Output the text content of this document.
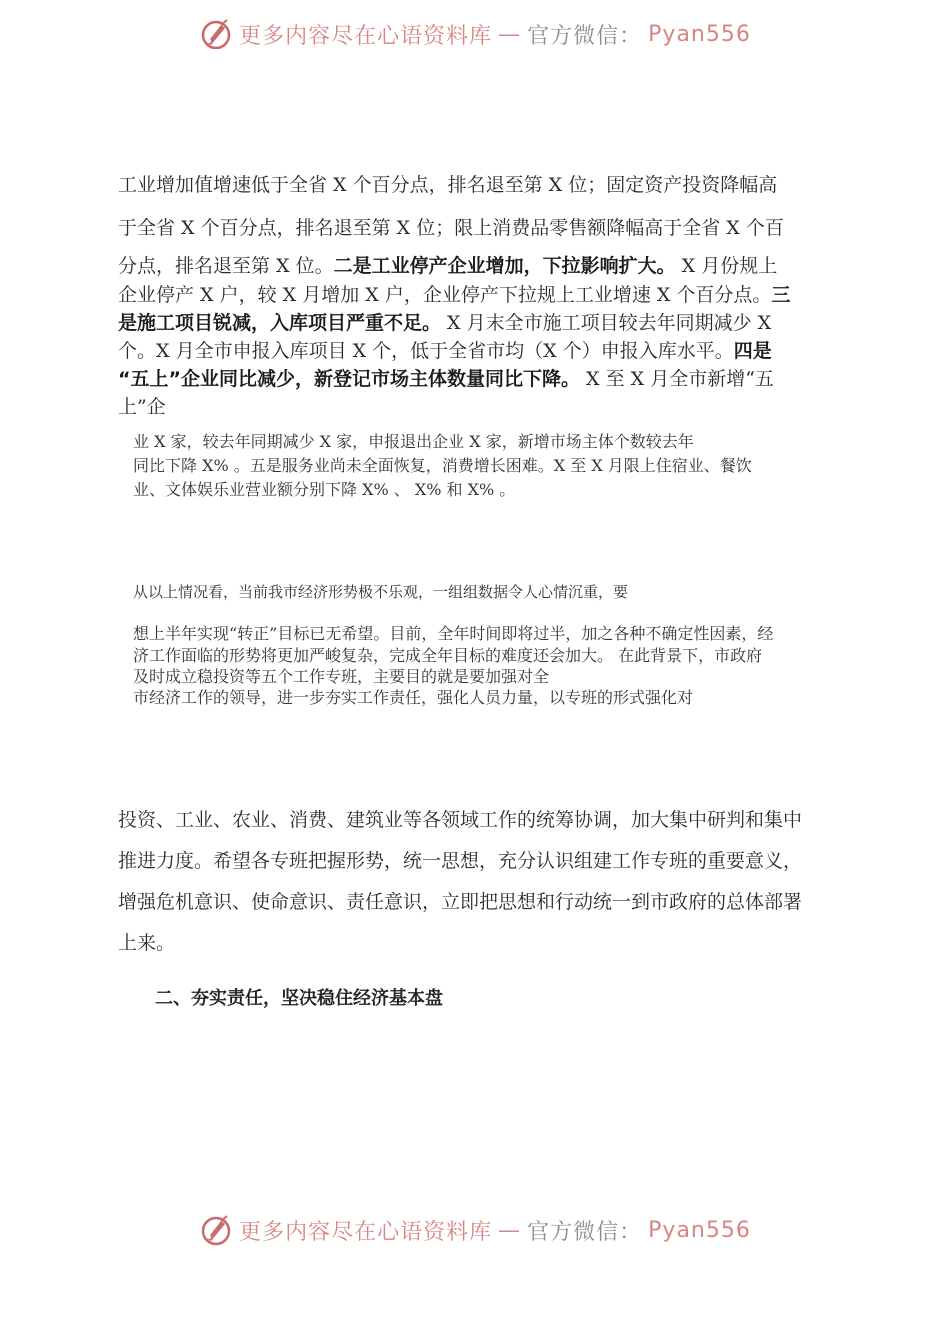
更多内容尽在心语资料库 — 官方微信： Pyan556
工业增加值增速低于全省 X 个百分点，排名退至第 X 位；固定资产投资降幅高
于全省 X 个百分点，排名退至第 X 位；限上消费品零售额降幅高于全省 X 个百
分点，排名退至第 X 位。二是工业停产企业增加，下拉影响扩大。 X 月份规上
企业停产 X 户，较 X 月增加 X 户，企业停产下拉规上工业增速 X 个百分点。三
是施工项目锐减，入库项目严重不足。 X 月末全市施工项目较去年同期减少 X
个。X 月全市申报入库项目 X 个，低于全省市均（X 个）申报入库水平。四是
“五上”企业同比减少，新登记市场主体数量同比下降。 X 至 X 月全市新增“五
上”企
业 X 家，较去年同期减少 X 家，申报退出企业 X 家，新增市场主体个数较去年
同比下降 X% 。五是服务业尚未全面恢复，消费增长困难。X 至 X 月限上住宿业、餐饮
业、文体娱乐业营业额分别下降 X% 、 X% 和 X% 。
从以上情况看，当前我市经济形势极不乐观，一组组数据令人心情沉重，要
想上半年实现“转正”目标已无希望。目前，全年时间即将过半，加之各种不确定性因素，经
济工作面临的形势将更加严峻复杂，完成全年目标的难度还会加大。 在此背景下，市政府
及时成立稳投资等五个工作专班，主要目的就是要加强对全
市经济工作的领导，进一步夯实工作责任，强化人员力量，以专班的形式强化对
投资、工业、农业、消费、建筑业等各领域工作的统筹协调，加大集中研判和集中
推进力度。希望各专班把握形势，统一思想，充分认识组建工作专班的重要意义，
增强危机意识、使命意识、责任意识，立即把思想和行动统一到市政府的总体部署
上来。
二、夯实责任，坚决稳住经济基本盘
更多内容尽在心语资料库 — 官方微信： Pyan556
